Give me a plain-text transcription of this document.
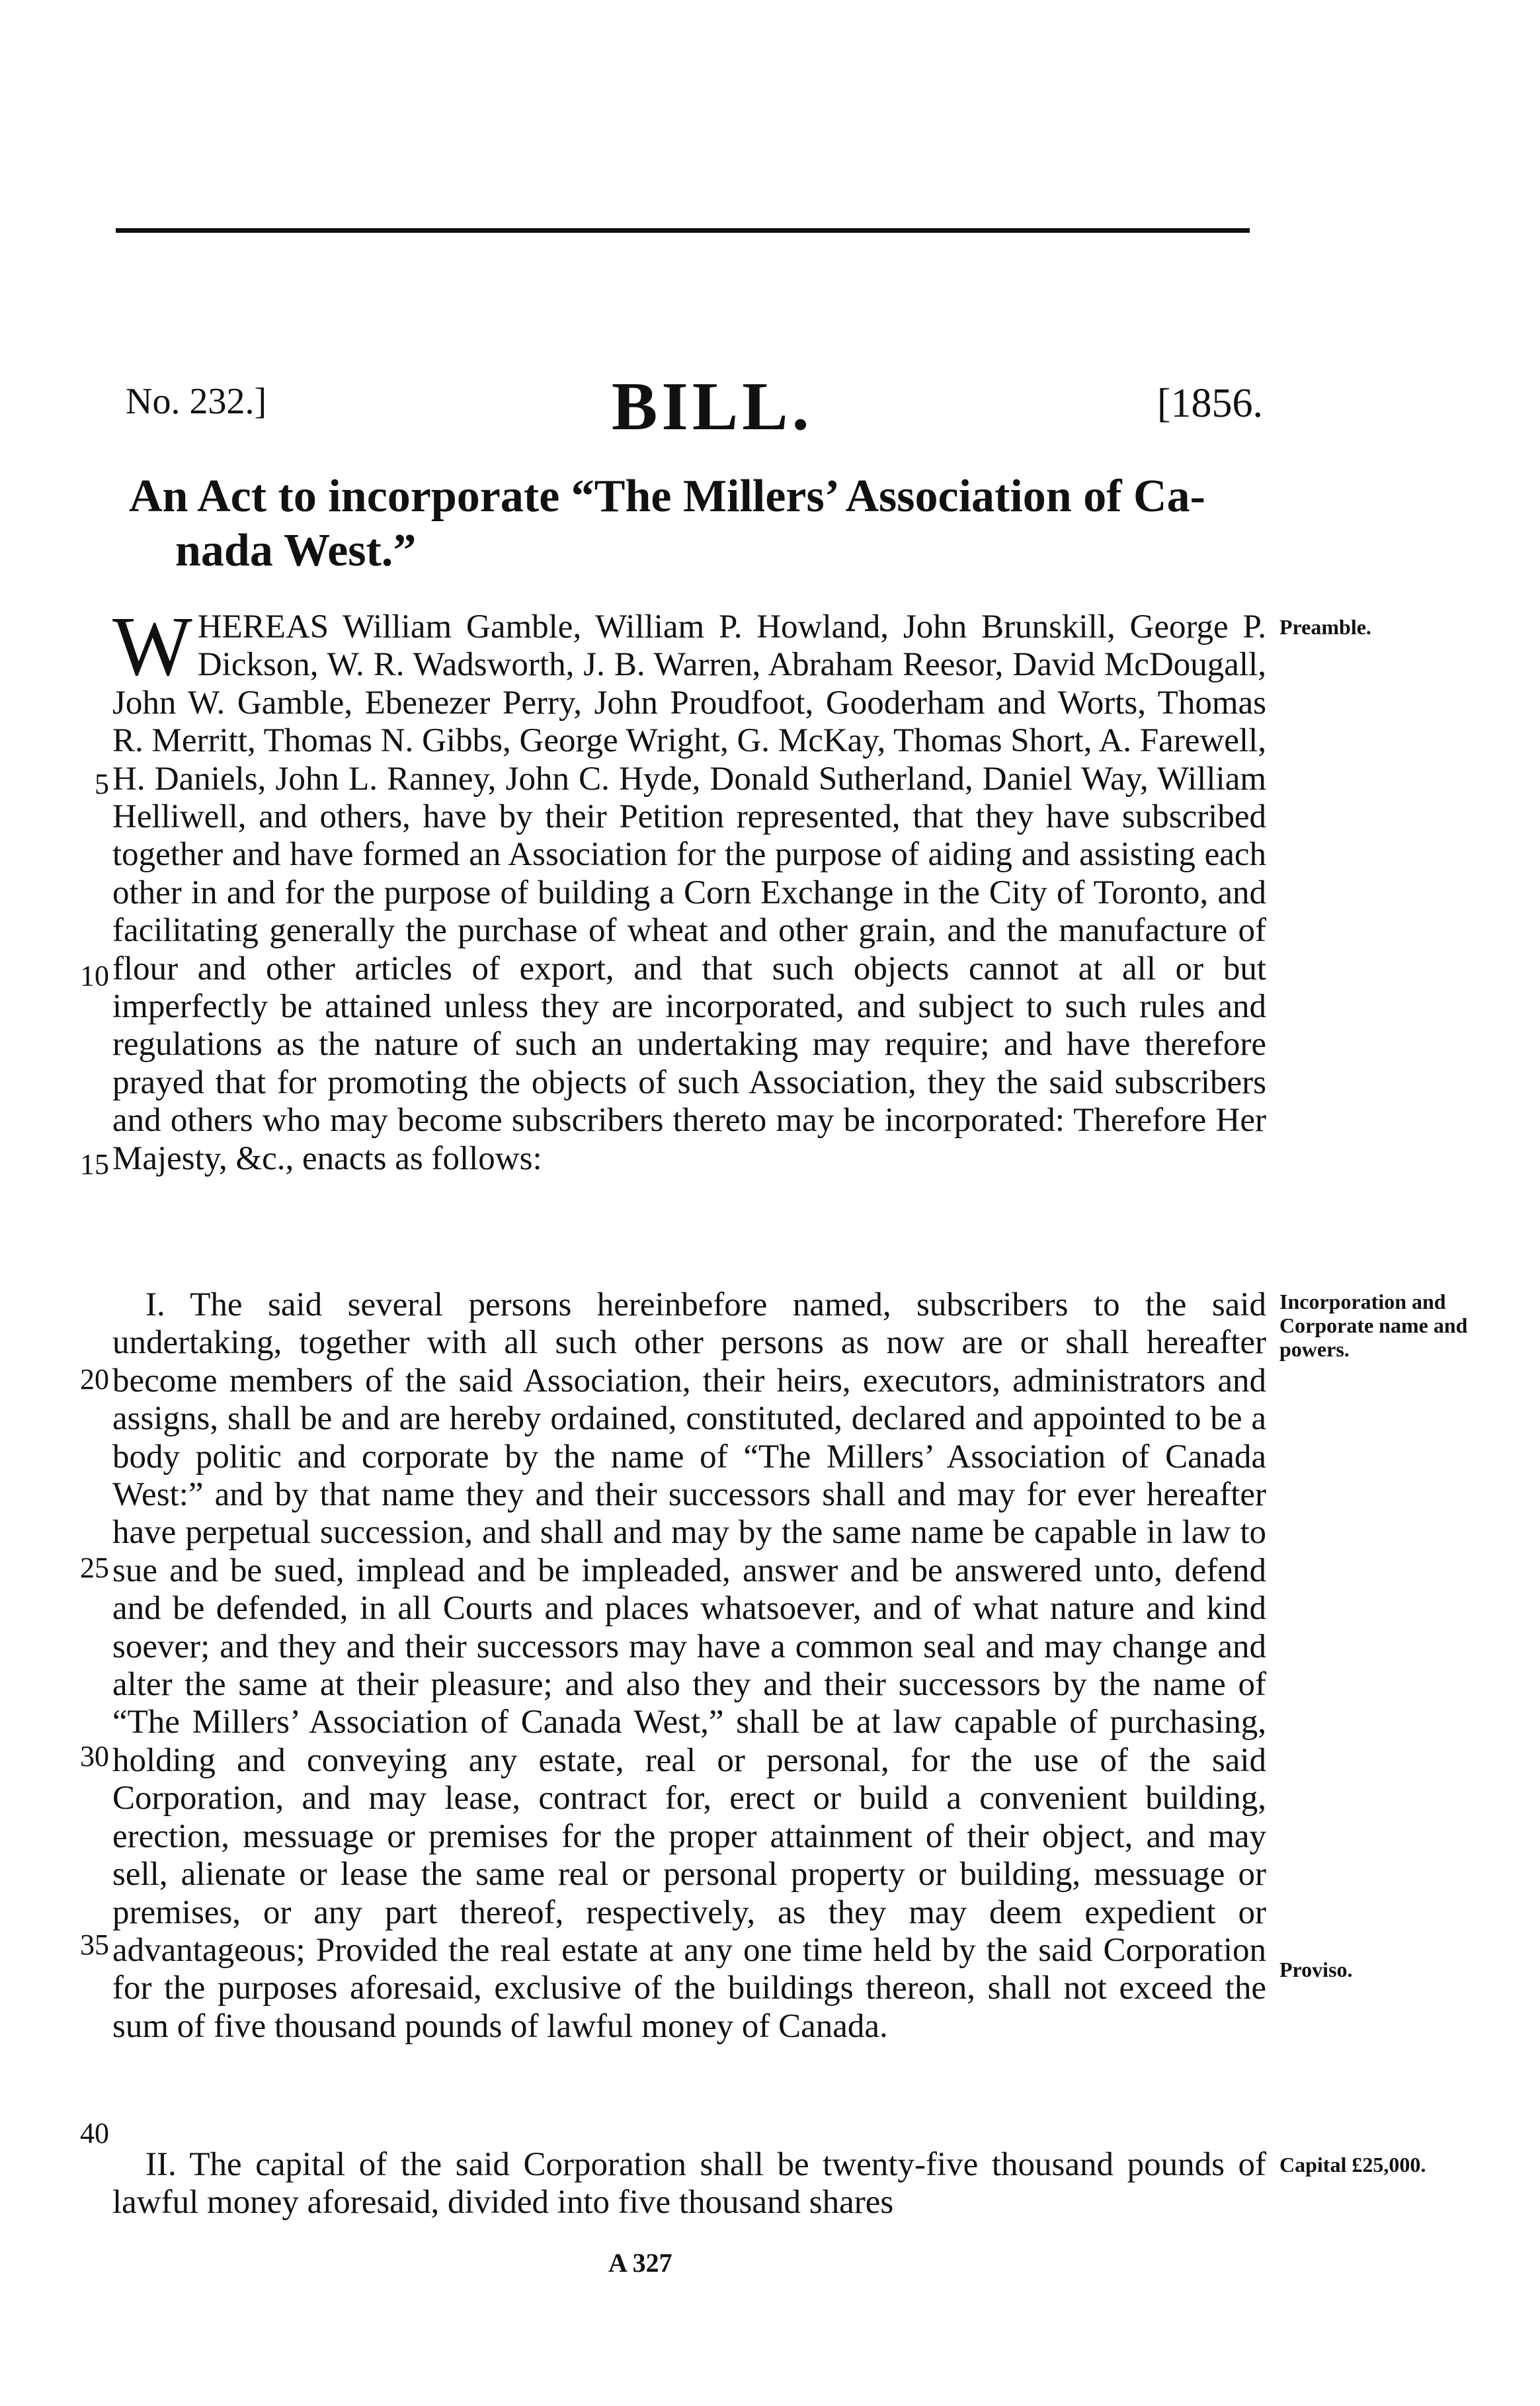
No. 232.]	BILL.	[1856.
An Act to incorporate “The Millers’ Association of Ca-
nada West.”
WHEREAS William Gamble, William P. Howland, John Brunskill, George P. Dickson, W. R. Wadsworth, J. B. Warren, Abraham Reesor, David McDougall, John W. Gamble, Ebenezer Perry, John Proudfoot, Gooderham and Worts, Thomas R. Merritt, Thomas N. Gibbs, George Wright, G. McKay, Thomas Short, A. Farewell, H. Daniels, John L. Ranney, John C. Hyde, Donald Sutherland, Daniel Way, William Helliwell, and others, have by their Petition represented, that they have subscribed together and have formed an Association for the purpose of aiding and assisting each other in and for the purpose of building a Corn Exchange in the City of Toronto, and facilitating generally the purchase of wheat and other grain, and the manufacture of flour and other articles of export, and that such objects cannot at all or but imperfectly be attained unless they are incorporated, and subject to such rules and regulations as the nature of such an undertaking may require; and have therefore prayed that for promoting the objects of such Association, they the said subscribers and others who may become subscribers thereto may be incorporated: Therefore Her Majesty, &c., enacts as follows:
I. The said several persons hereinbefore named, subscribers to the said undertaking, together with all such other persons as now are or shall hereafter become members of the said Association, their heirs, executors, administrators and assigns, shall be and are hereby ordained, constituted, declared and appointed to be a body politic and corporate by the name of “The Millers’ Association of Canada West:” and by that name they and their successors shall and may for ever hereafter have perpetual succession, and shall and may by the same name be capable in law to sue and be sued, implead and be impleaded, answer and be answered unto, defend and be defended, in all Courts and places whatsoever, and of what nature and kind soever; and they and their successors may have a common seal and may change and alter the same at their pleasure; and also they and their successors by the name of “The Millers’ Association of Canada West,” shall be at law capable of purchasing, holding and conveying any estate, real or personal, for the use of the said Corporation, and may lease, contract for, erect or build a convenient building, erection, messuage or premises for the proper attainment of their object, and may sell, alienate or lease the same real or personal property or building, messuage or premises, or any part thereof, respectively, as they may deem expedient or advantageous; Provided the real estate at any one time held by the said Corporation for the purposes aforesaid, exclusive of the buildings thereon, shall not exceed the sum of five thousand pounds of lawful money of Canada.
II. The capital of the said Corporation shall be twenty-five thousand pounds of lawful money aforesaid, divided into five thousand shares
Preamble.
Incorporation and Corporate name and powers.
Proviso.
Capital £25,000.
5
10
15
20
25
30
35
40
A 327
